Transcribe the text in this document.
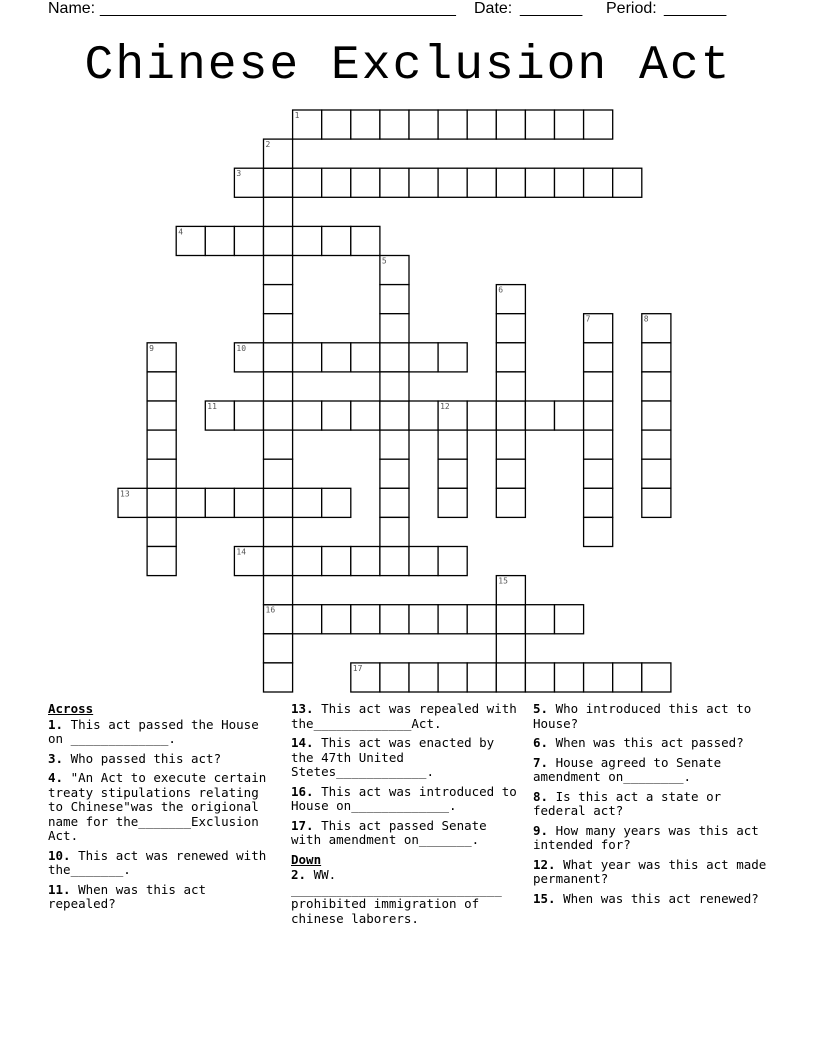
Name: ________________________________________ Date: _______ Period: _______
Chinese Exclusion Act
1
3
4
10
11	12
13
14
16
17
2
5
6
7	8
9
15
Across
1. This act passed the House on _____________.
3. Who passed this act?
4. "An Act to execute certain treaty stipulations relating to Chinese"was the origional name for the_______Exclusion Act.
10. This act was renewed with the_______.
11. When was this act repealed?
13. This act was repealed with the_____________Act.
14. This act was enacted by the 47th United Stetes____________.
16. This act was introduced to House on_____________.
17. This act passed Senate with amendment on_______.
Down
2. WW. ____________________________ prohibited immigration of chinese laborers.
5. Who introduced this act to House?
6. When was this act passed?
7. House agreed to Senate amendment on________.
8. Is this act a state or federal act?
9. How many years was this act intended for?
12. What year was this act made permanent?
15. When was this act renewed?
